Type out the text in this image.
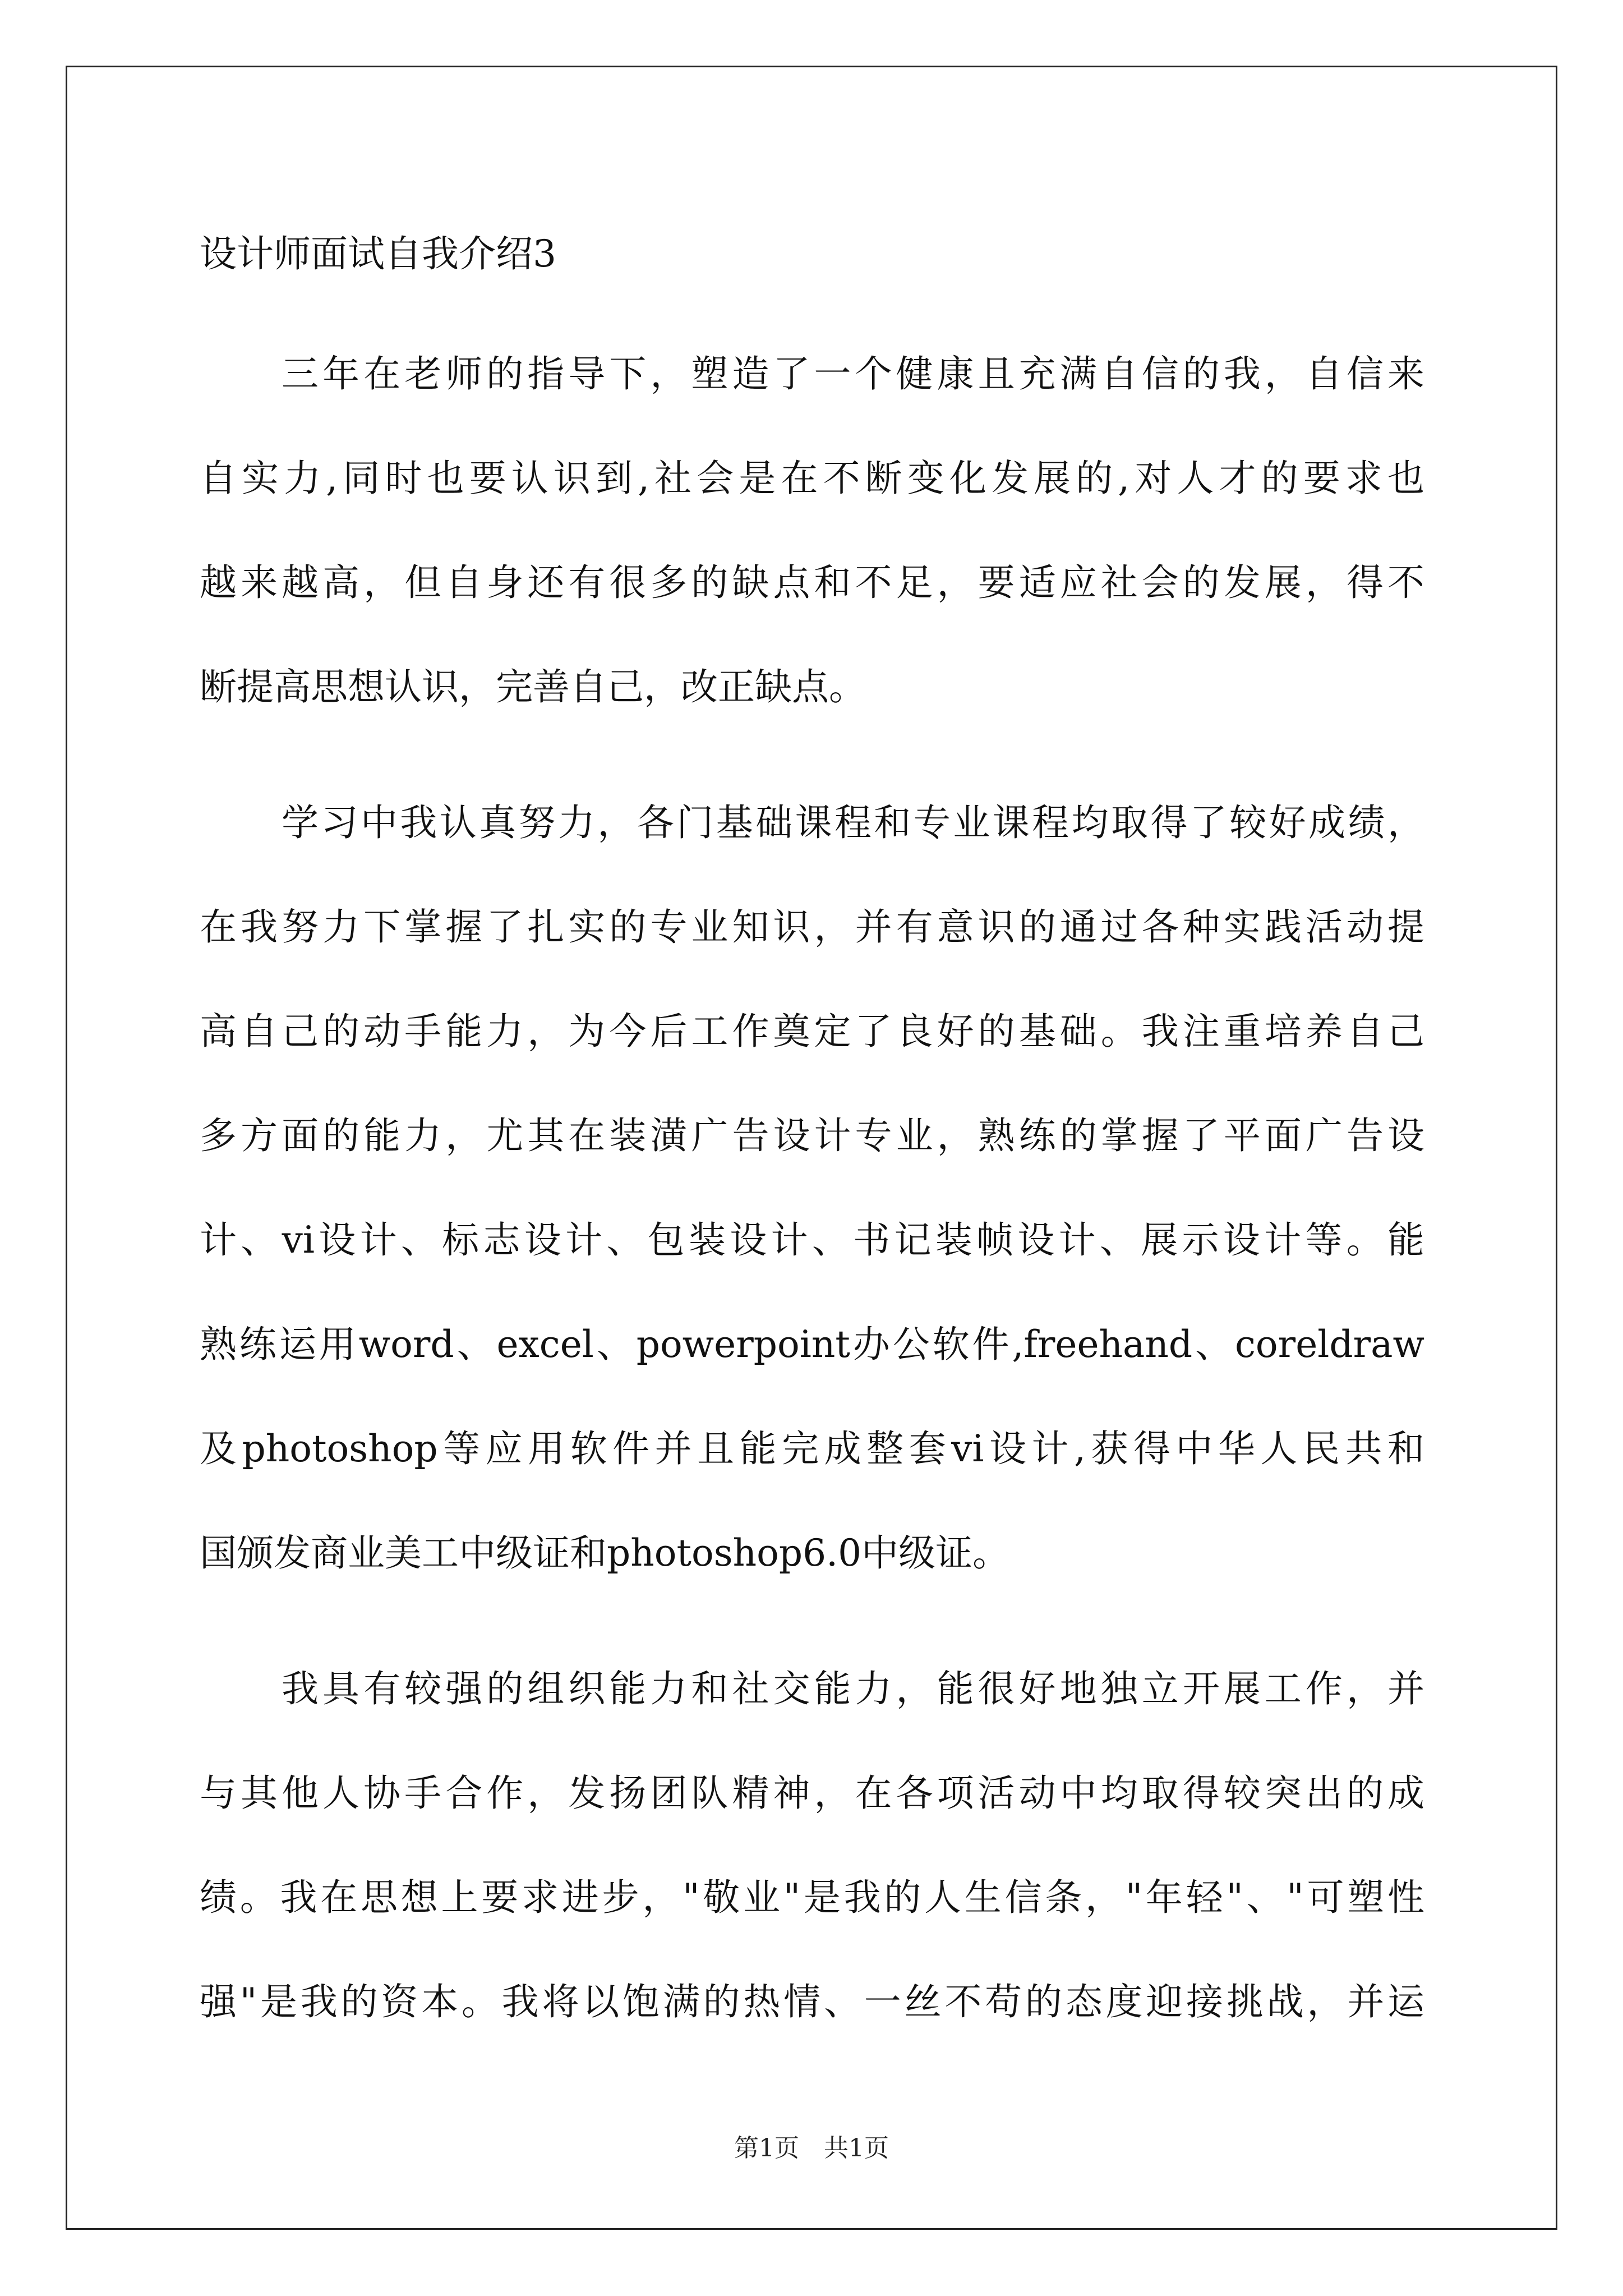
设计师面试自我介绍3
三年在老师的指导下，塑造了一个健康且充满自信的我，自信来
自实力,同时也要认识到,社会是在不断变化发展的,对人才的要求也
越来越高，但自身还有很多的缺点和不足，要适应社会的发展，得不
断提高思想认识，完善自己，改正缺点。
学习中我认真努力，各门基础课程和专业课程均取得了较好成绩，
在我努力下掌握了扎实的专业知识，并有意识的通过各种实践活动提
高自己的动手能力，为今后工作奠定了良好的基础。我注重培养自己
多方面的能力，尤其在装潢广告设计专业，熟练的掌握了平面广告设
计、vi设计、标志设计、包装设计、书记装帧设计、展示设计等。能
熟练运用word、excel、powerpoint办公软件,freehand、coreldraw
及photoshop等应用软件并且能完成整套vi设计,获得中华人民共和
国颁发商业美工中级证和photoshop6.0中级证。
我具有较强的组织能力和社交能力，能很好地独立开展工作，并
与其他人协手合作，发扬团队精神，在各项活动中均取得较突出的成
绩。我在思想上要求进步，"敬业"是我的人生信条，"年轻"、"可塑性
强"是我的资本。我将以饱满的热情、一丝不苟的态度迎接挑战，并运
第1页　共1页
